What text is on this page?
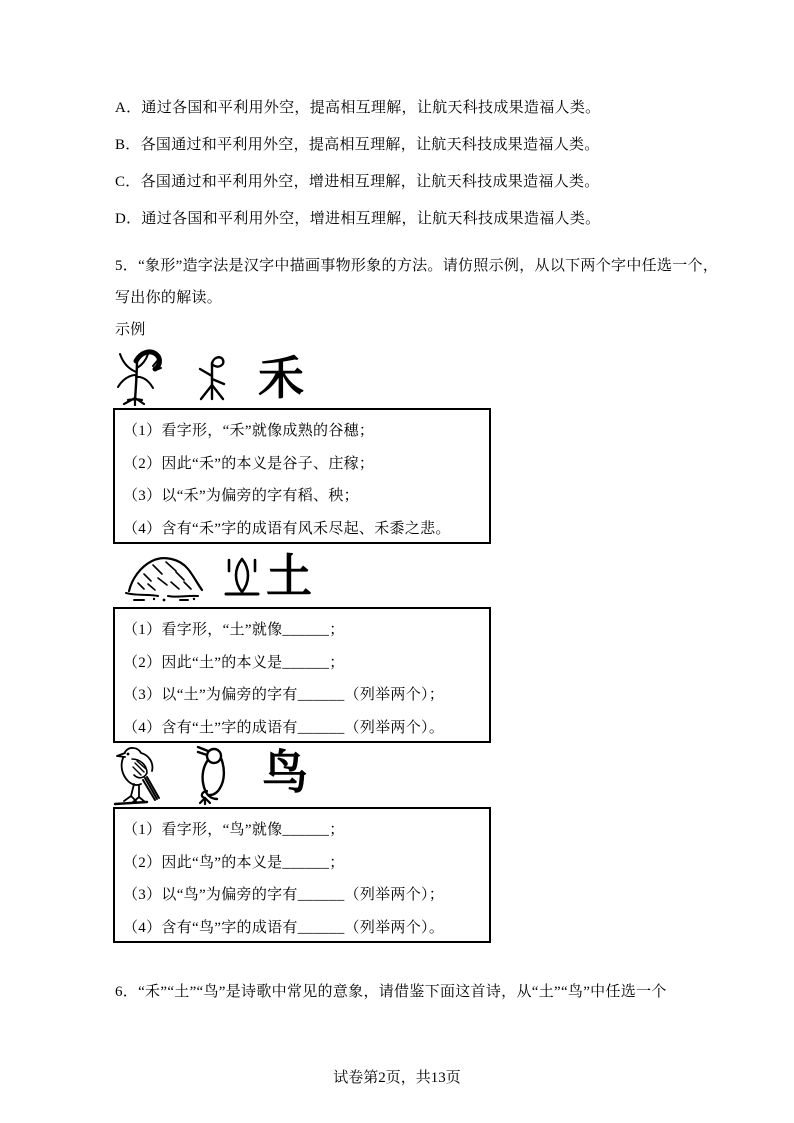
A．通过各国和平利用外空，提高相互理解，让航天科技成果造福人类。
B．各国通过和平利用外空，提高相互理解，让航天科技成果造福人类。
C．各国通过和平利用外空，增进相互理解，让航天科技成果造福人类。
D．通过各国和平利用外空，增进相互理解，让航天科技成果造福人类。
5．“象形”造字法是汉字中描画事物形象的方法。请仿照示例，从以下两个字中任选一个，
写出你的解读。
示例
禾
（1）看字形，“禾”就像成熟的谷穗；
（2）因此“禾”的本义是谷子、庄稼；
（3）以“禾”为偏旁的字有稻、秧；
（4）含有“禾”字的成语有风禾尽起、禾黍之悲。
土
（1）看字形，“土”就像______；
（2）因此“土”的本义是______；
（3）以“土”为偏旁的字有______（列举两个）；
（4）含有“土”字的成语有______（列举两个）。
鸟
（1）看字形，“鸟”就像______；
（2）因此“鸟”的本义是______；
（3）以“鸟”为偏旁的字有______（列举两个）；
（4）含有“鸟”字的成语有______（列举两个）。
6．“禾”“土”“鸟”是诗歌中常见的意象，请借鉴下面这首诗，从“土”“鸟”中任选一个
试卷第2页，共13页
